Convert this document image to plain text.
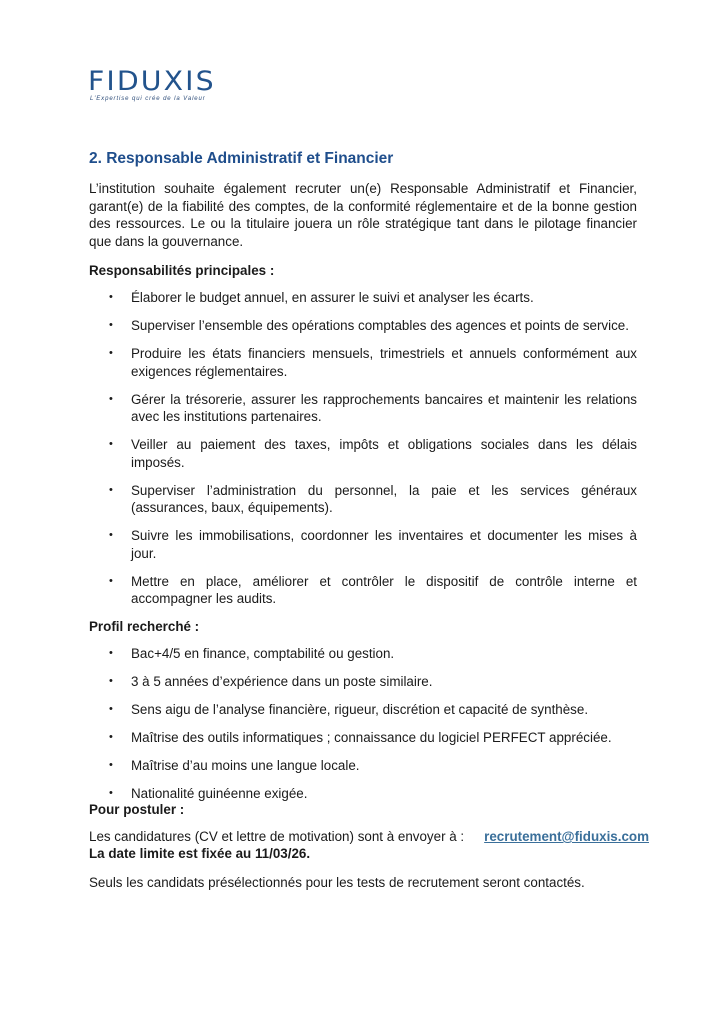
FIDUXIS
L'Expertise qui crée de la Valeur
2. Responsable Administratif et Financier

L’institution souhaite également recruter un(e) Responsable Administratif et Financier, garant(e) de la fiabilité des comptes, de la conformité réglementaire et de la bonne gestion des ressources. Le ou la titulaire jouera un rôle stratégique tant dans le pilotage financier que dans la gouvernance.

Responsabilités principales :
• Élaborer le budget annuel, en assurer le suivi et analyser les écarts.
• Superviser l’ensemble des opérations comptables des agences et points de service.
• Produire les états financiers mensuels, trimestriels et annuels conformément aux exigences réglementaires.
• Gérer la trésorerie, assurer les rapprochements bancaires et maintenir les relations avec les institutions partenaires.
• Veiller au paiement des taxes, impôts et obligations sociales dans les délais imposés.
• Superviser l’administration du personnel, la paie et les services généraux (assurances, baux, équipements).
• Suivre les immobilisations, coordonner les inventaires et documenter les mises à jour.
• Mettre en place, améliorer et contrôler le dispositif de contrôle interne et accompagner les audits.
Profil recherché :
• Bac+4/5 en finance, comptabilité ou gestion.
• 3 à 5 années d’expérience dans un poste similaire.
• Sens aigu de l’analyse financière, rigueur, discrétion et capacité de synthèse.
• Maîtrise des outils informatiques ; connaissance du logiciel PERFECT appréciée.
• Maîtrise d’au moins une langue locale.
• Nationalité guinéenne exigée.
Pour postuler :

Les candidatures (CV et lettre de motivation) sont à envoyer à : recrutement@fiduxis.com

La date limite est fixée au 11/03/26.

Seuls les candidats présélectionnés pour les tests de recrutement seront contactés.
